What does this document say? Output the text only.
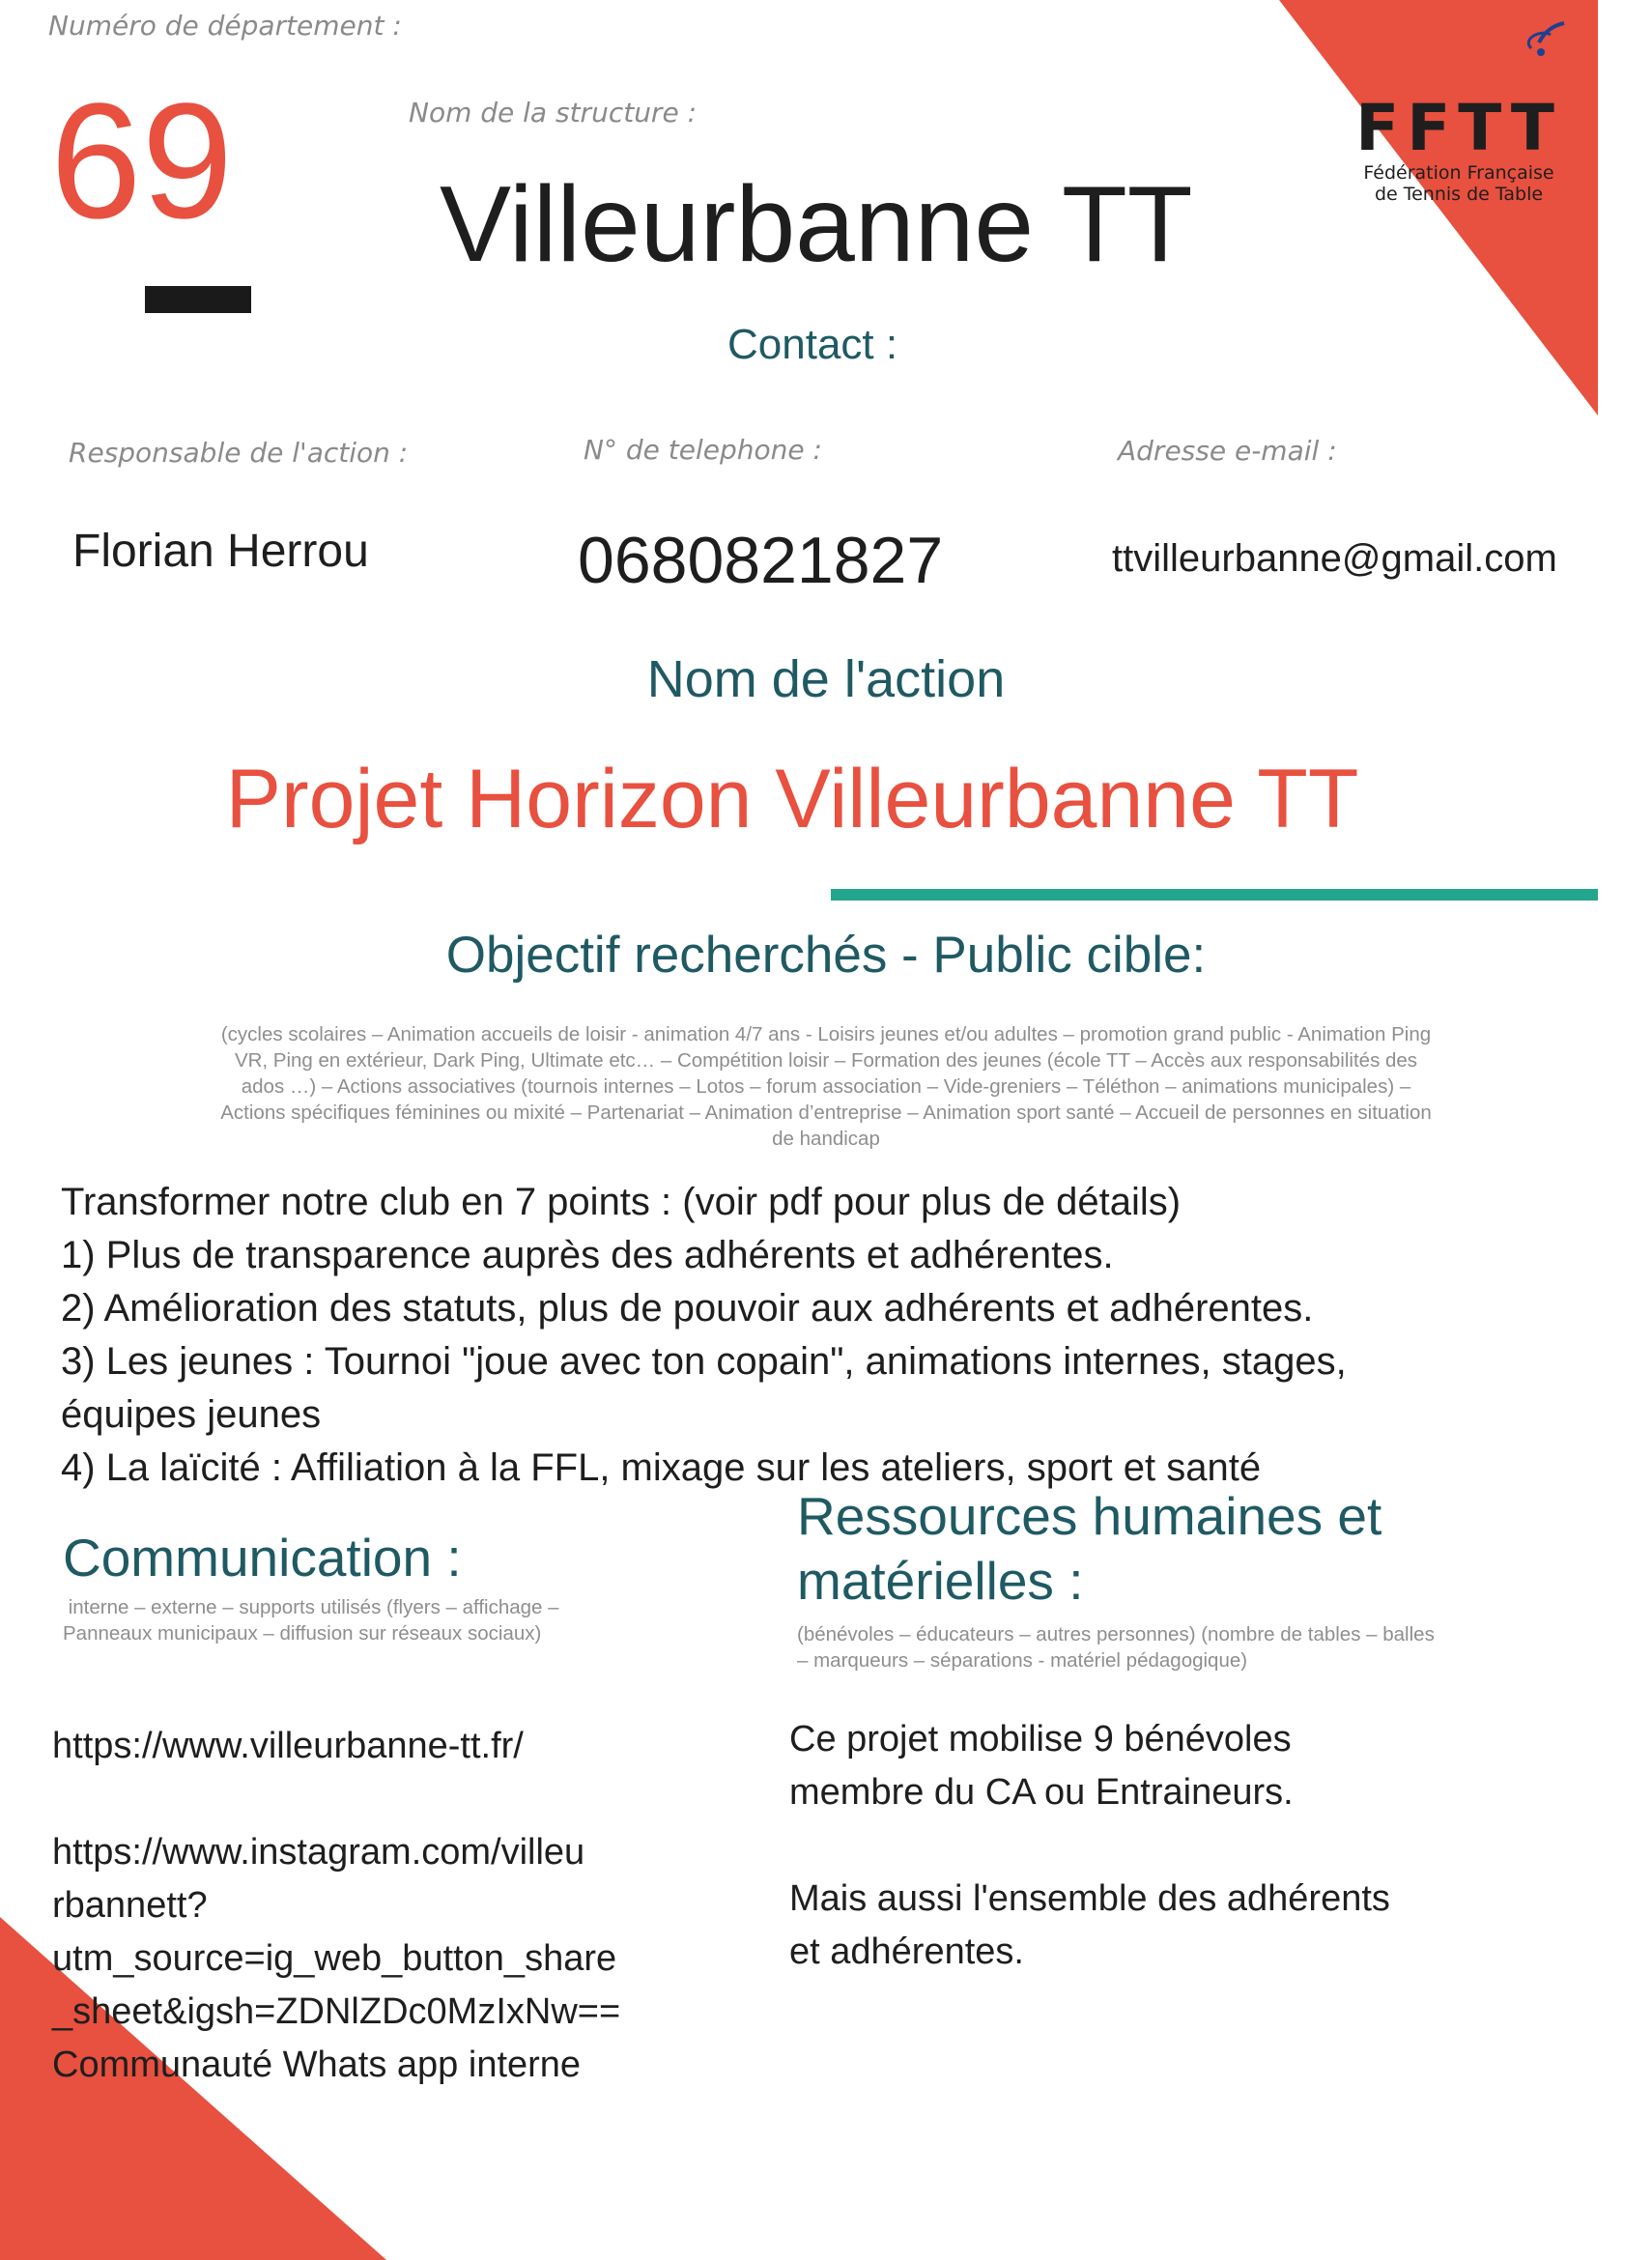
FFTT
Fédération Française
de Tennis de Table
Numéro de département :
69	Nom de la structure :
Villeurbanne TT
Contact :
Responsable de l'action :	N° de telephone :	Adresse e-mail :
Florian Herrou	0680821827	ttvilleurbanne@gmail.com
Nom de l'action
Projet Horizon Villeurbanne TT
Objectif recherchés - Public cible:
(cycles scolaires – Animation accueils de loisir - animation 4/7 ans - Loisirs jeunes et/ou adultes – promotion grand public - Animation Ping
VR, Ping en extérieur, Dark Ping, Ultimate etc… – Compétition loisir – Formation des jeunes (école TT – Accès aux responsabilités des
ados …) – Actions associatives (tournois internes – Lotos – forum association – Vide-greniers – Téléthon – animations municipales) –
Actions spécifiques féminines ou mixité – Partenariat – Animation d’entreprise – Animation sport santé – Accueil de personnes en situation
de handicap
Transformer notre club en 7 points : (voir pdf pour plus de détails)
1) Plus de transparence auprès des adhérents et adhérentes.
2) Amélioration des statuts, plus de pouvoir aux adhérents et adhérentes.
3) Les jeunes : Tournoi "joue avec ton copain", animations internes, stages,
équipes jeunes
4) La laïcité : Affiliation à la FFL, mixage sur les ateliers, sport et santé
Communication :
interne – externe – supports utilisés (flyers – affichage –
Panneaux municipaux – diffusion sur réseaux sociaux)
https://www.villeurbanne-tt.fr/
https://www.instagram.com/villeu
rbannett?
utm_source=ig_web_button_share
_sheet&igsh=ZDNlZDc0MzIxNw==
Communauté Whats app interne
Ressources humaines et
matérielles :
(bénévoles – éducateurs – autres personnes) (nombre de tables – balles
– marqueurs – séparations - matériel pédagogique)
Ce projet mobilise 9 bénévoles
membre du CA ou Entraineurs.
Mais aussi l'ensemble des adhérents
et adhérentes.
